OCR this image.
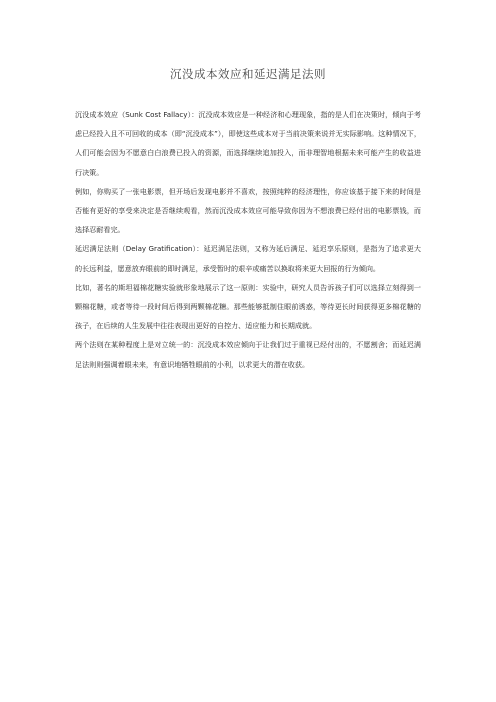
沉没成本效应和延迟满足法则

沉没成本效应（Sunk Cost Fallacy）：沉没成本效应是一种经济和心理现象，指的是人们在决策时，倾向于考虑已经投入且不可回收的成本（即“沉没成本”），即使这些成本对于当前决策来说并无实际影响。这种情况下，人们可能会因为不愿意白白浪费已投入的资源，而选择继续追加投入，而非理智地根据未来可能产生的收益进行决策。

例如，你购买了一张电影票，但开场后发现电影并不喜欢，按照纯粹的经济理性，你应该基于接下来的时间是否能有更好的享受来决定是否继续观看，然而沉没成本效应可能导致你因为不想浪费已经付出的电影票钱，而选择忍耐看完。

延迟满足法则（Delay Gratification）：延迟满足法则，又称为延后满足、延迟享乐原则，是指为了追求更大的长远利益，愿意放弃眼前的即时满足，承受暂时的艰辛或痛苦以换取将来更大回报的行为倾向。

比如，著名的斯坦福棉花糖实验就形象地展示了这一原则：实验中，研究人员告诉孩子们可以选择立刻得到一颗棉花糖，或者等待一段时间后得到两颗棉花糖。那些能够抵制住眼前诱惑，等待更长时间获得更多棉花糖的孩子，在后续的人生发展中往往表现出更好的自控力、适应能力和长期成就。

两个法则在某种程度上是对立统一的：沉没成本效应倾向于让我们过于重视已经付出的，不愿割舍；而延迟满足法则则强调着眼未来，有意识地牺牲眼前的小利，以求更大的潜在收获。
